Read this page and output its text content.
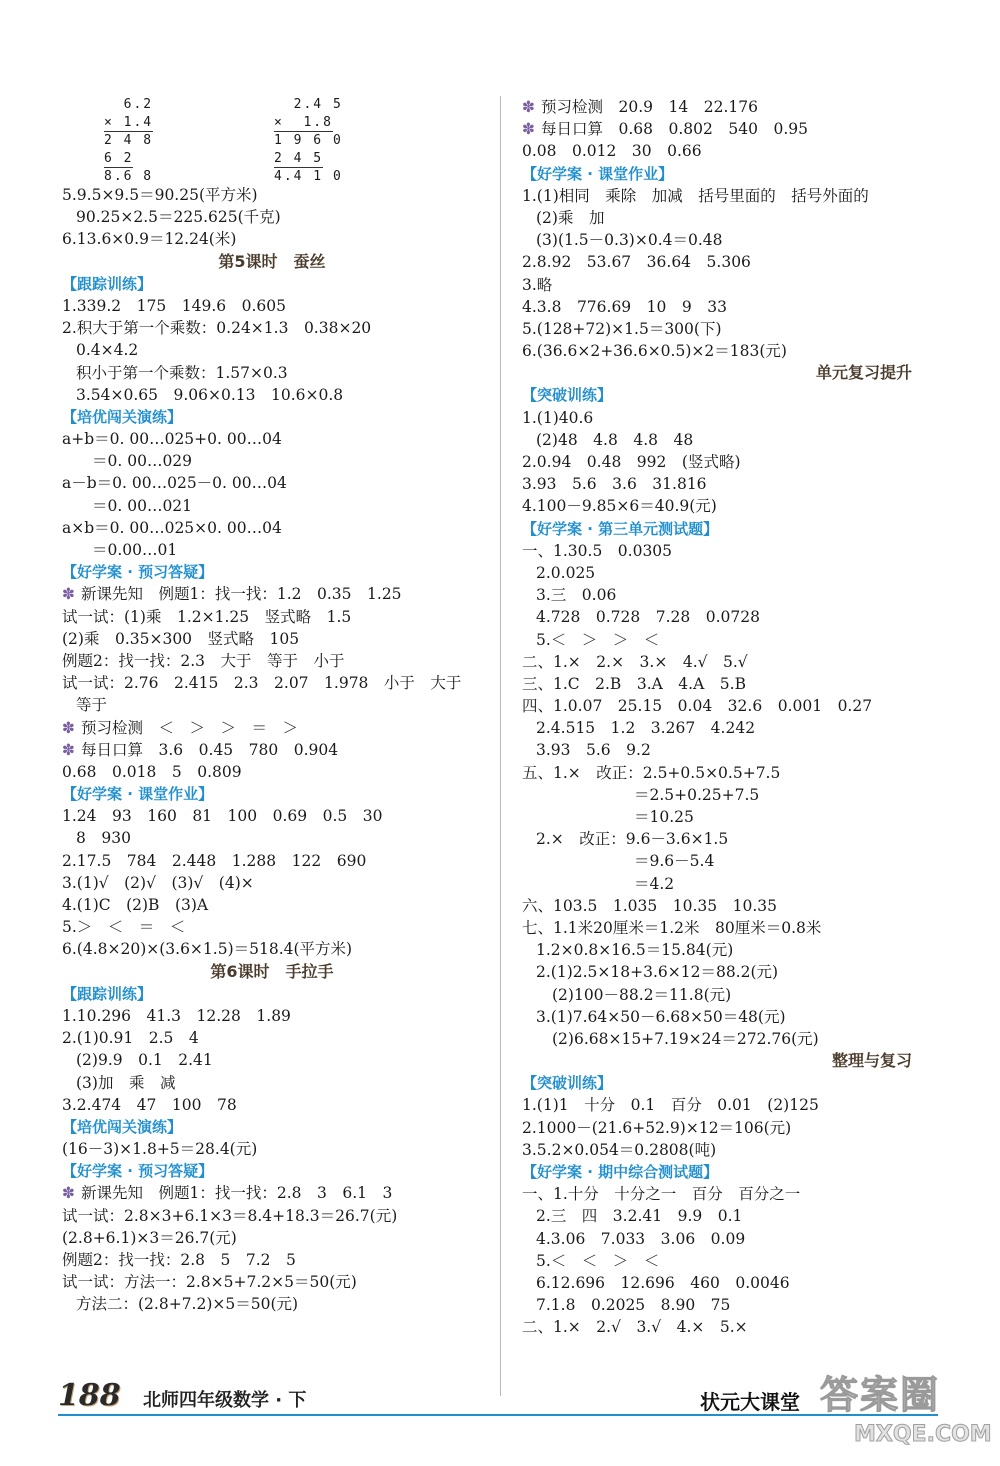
6.2
× 1.4
2 4 8
6 2
8.6 8
2.4 5
×  1.8
1 9 6 0
2 4 5
4.4 1 0
5.9.5×9.5＝90.25(平方米)
90.25×2.5＝225.625(千克)
6.13.6×0.9＝12.24(米)
第5课时　蚕丝
【跟踪训练】
1.339.2　175　149.6　0.605
2.积大于第一个乘数：0.24×1.3　0.38×20
0.4×4.2
积小于第一个乘数：1.57×0.3
3.54×0.65　9.06×0.13　10.6×0.8
【培优闯关演练】
a+b＝0. 00…025+0. 00…04
＝0. 00…029
a－b＝0. 00…025－0. 00…04
＝0. 00…021
a×b＝0. 00…025×0. 00…04
＝0.00…01
【好学案 · 预习答疑】
✽ 新课先知　例题1：找一找：1.2　0.35　1.25
试一试：(1)乘　1.2×1.25　竖式略　1.5
(2)乘　0.35×300　竖式略　105
例题2：找一找：2.3　大于　等于　小于
试一试：2.76　2.415　2.3　2.07　1.978　小于　大于
等于
✽ 预习检测　＜　＞　＞　＝　＞
✽ 每日口算　3.6　0.45　780　0.904
0.68　0.018　5　0.809
【好学案 · 课堂作业】
1.24　93　160　81　100　0.69　0.5　30
8　930
2.17.5　784　2.448　1.288　122　690
3.(1)√　(2)√　(3)√　(4)×
4.(1)C　(2)B　(3)A
5.＞　＜　＝　＜
6.(4.8×20)×(3.6×1.5)＝518.4(平方米)
第6课时　手拉手
【跟踪训练】
1.10.296　41.3　12.28　1.89
2.(1)0.91　2.5　4
(2)9.9　0.1　2.41
(3)加　乘　减
3.2.474　47　100　78
【培优闯关演练】
(16－3)×1.8+5＝28.4(元)
【好学案 · 预习答疑】
✽ 新课先知　例题1：找一找：2.8　3　6.1　3
试一试：2.8×3+6.1×3＝8.4+18.3＝26.7(元)
(2.8+6.1)×3＝26.7(元)
例题2：找一找：2.8　5　7.2　5
试一试：方法一：2.8×5+7.2×5＝50(元)
方法二：(2.8+7.2)×5＝50(元)
✽ 预习检测　20.9　14　22.176
✽ 每日口算　0.68　0.802　540　0.95
0.08　0.012　30　0.66
【好学案 · 课堂作业】
1.(1)相同　乘除　加减　括号里面的　括号外面的
(2)乘　加
(3)(1.5－0.3)×0.4＝0.48
2.8.92　53.67　36.64　5.306
3.略
4.3.8　776.69　10　9　33
5.(128+72)×1.5＝300(下)
6.(36.6×2+36.6×0.5)×2＝183(元)
单元复习提升
【突破训练】
1.(1)40.6
(2)48　4.8　4.8　48
2.0.94　0.48　992　(竖式略)
3.93　5.6　3.6　31.816
4.100－9.85×6＝40.9(元)
【好学案 · 第三单元测试题】
一、1.30.5　0.0305
2.0.025
3.三　0.06
4.728　0.728　7.28　0.0728
5.＜　＞　＞　＜
二、1.×　2.×　3.×　4.√　5.√
三、1.C　2.B　3.A　4.A　5.B
四、1.0.07　25.15　0.04　32.6　0.001　0.27
2.4.515　1.2　3.267　4.242
3.93　5.6　9.2
五、1.×　改正：2.5+0.5×0.5+7.5
＝2.5+0.25+7.5
＝10.25
2.×　改正：9.6－3.6×1.5
＝9.6－5.4
＝4.2
六、103.5　1.035　10.35　10.35
七、1.1米20厘米＝1.2米　80厘米＝0.8米
1.2×0.8×16.5＝15.84(元)
2.(1)2.5×18+3.6×12＝88.2(元)
(2)100－88.2＝11.8(元)
3.(1)7.64×50－6.68×50＝48(元)
(2)6.68×15+7.19×24＝272.76(元)
整理与复习
【突破训练】
1.(1)1　十分　0.1　百分　0.01　(2)125
2.1000－(21.6+52.9)×12＝106(元)
3.5.2×0.054＝0.2808(吨)
【好学案 · 期中综合测试题】
一、1.十分　十分之一　百分　百分之一
2.三　四　3.2.41　9.9　0.1
4.3.06　7.033　3.06　0.09
5.＜　＜　＞　＜
6.12.696　12.696　460　0.0046
7.1.8　0.2025　8.90　75
二、1.×　2.√　3.√　4.×　5.×
188 北师四年级数学 · 下	状元大课堂 答案圈
MXQE.COM
